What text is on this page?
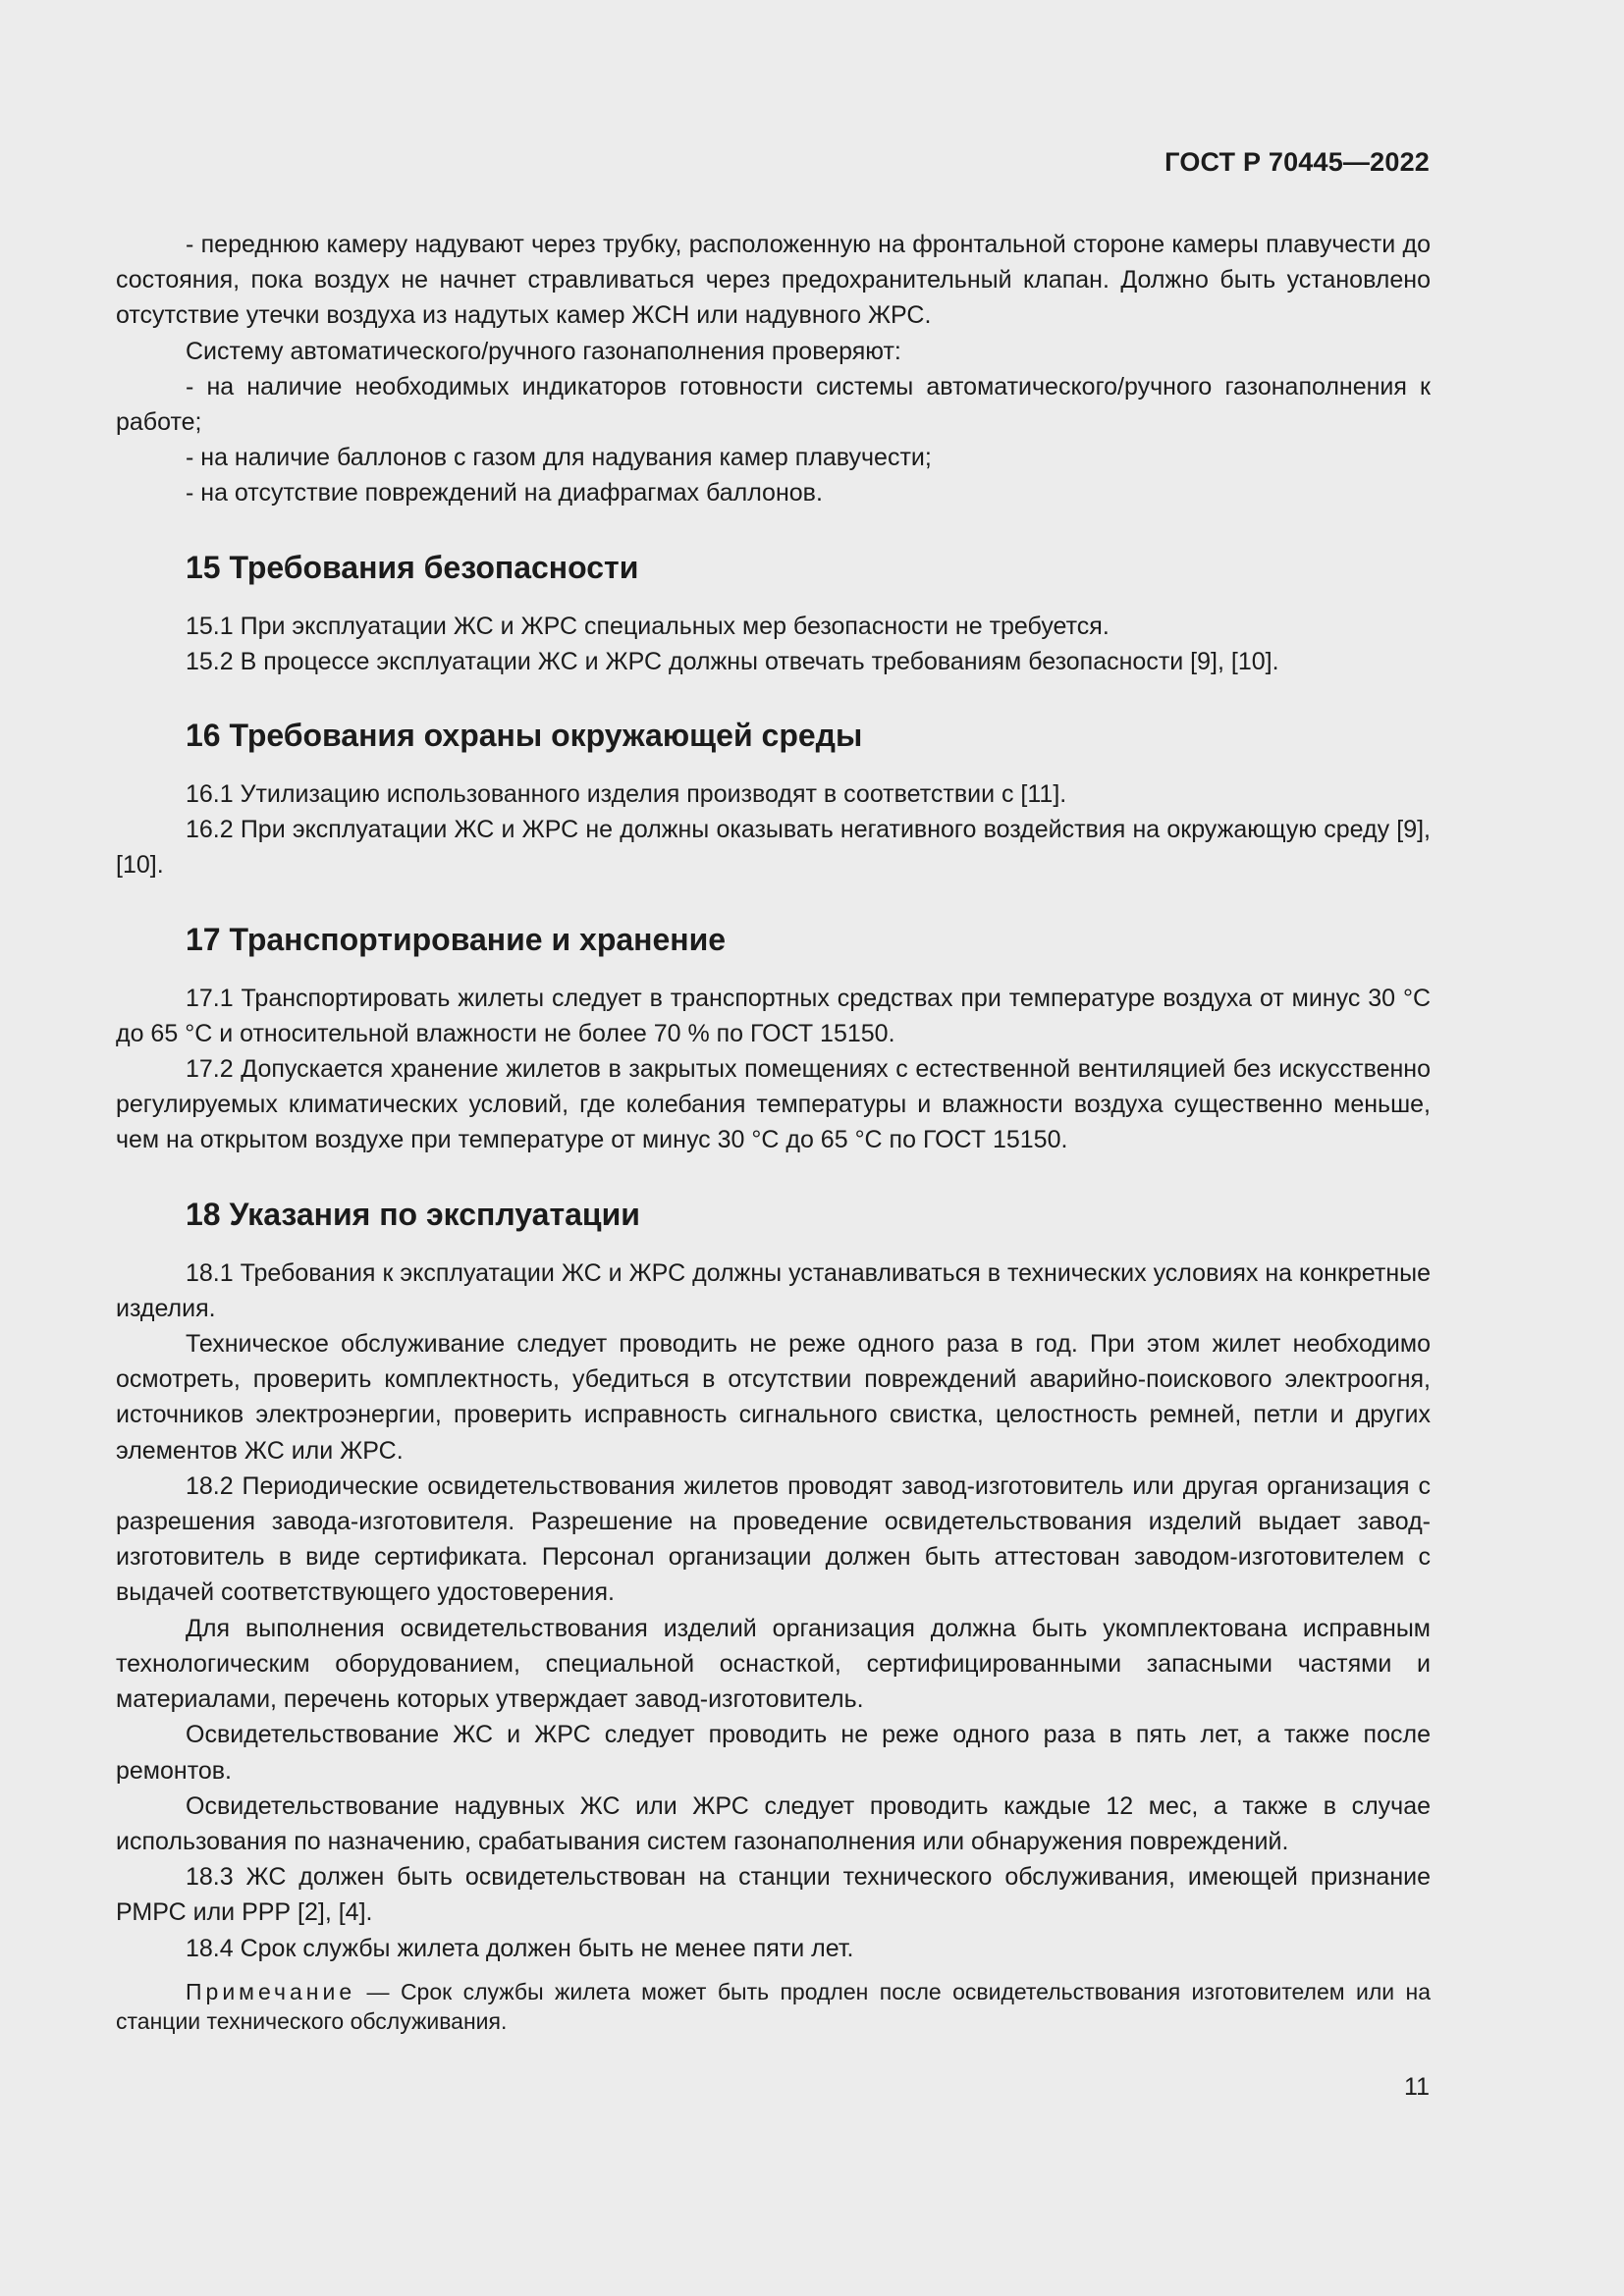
ГОСТ Р 70445—2022

- переднюю камеру надувают через трубку, расположенную на фронтальной стороне камеры плавучести до состояния, пока воздух не начнет стравливаться через предохранительный клапан. Должно быть установлено отсутствие утечки воздуха из надутых камер ЖСН или надувного ЖРС.

Систему автоматического/ручного газонаполнения проверяют:

- на наличие необходимых индикаторов готовности системы автоматического/ручного газонаполнения к работе;

- на наличие баллонов с газом для надувания камер плавучести;

- на отсутствие повреждений на диафрагмах баллонов.

15 Требования безопасности

15.1 При эксплуатации ЖС и ЖРС специальных мер безопасности не требуется.

15.2 В процессе эксплуатации ЖС и ЖРС должны отвечать требованиям безопасности [9], [10].

16 Требования охраны окружающей среды

16.1 Утилизацию использованного изделия производят в соответствии с [11].

16.2 При эксплуатации ЖС и ЖРС не должны оказывать негативного воздействия на окружающую среду [9], [10].

17 Транспортирование и хранение

17.1 Транспортировать жилеты следует в транспортных средствах при температуре воздуха от минус 30 °С до 65 °С и относительной влажности не более 70 % по ГОСТ 15150.

17.2 Допускается хранение жилетов в закрытых помещениях с естественной вентиляцией без искусственно регулируемых климатических условий, где колебания температуры и влажности воздуха существенно меньше, чем на открытом воздухе при температуре от минус 30 °С до 65 °С по ГОСТ 15150.

18 Указания по эксплуатации

18.1 Требования к эксплуатации ЖС и ЖРС должны устанавливаться в технических условиях на конкретные изделия.

Техническое обслуживание следует проводить не реже одного раза в год. При этом жилет необходимо осмотреть, проверить комплектность, убедиться в отсутствии повреждений аварийно-поискового электроогня, источников электроэнергии, проверить исправность сигнального свистка, целостность ремней, петли и других элементов ЖС или ЖРС.

18.2 Периодические освидетельствования жилетов проводят завод-изготовитель или другая организация с разрешения завода-изготовителя. Разрешение на проведение освидетельствования изделий выдает завод-изготовитель в виде сертификата. Персонал организации должен быть аттестован заводом-изготовителем с выдачей соответствующего удостоверения.

Для выполнения освидетельствования изделий организация должна быть укомплектована исправным технологическим оборудованием, специальной оснасткой, сертифицированными запасными частями и материалами, перечень которых утверждает завод-изготовитель.

Освидетельствование ЖС и ЖРС следует проводить не реже одного раза в пять лет, а также после ремонтов.

Освидетельствование надувных ЖС или ЖРС следует проводить каждые 12 мес, а также в случае использования по назначению, срабатывания систем газонаполнения или обнаружения повреждений.

18.3 ЖС должен быть освидетельствован на станции технического обслуживания, имеющей признание РМРС или РРР [2], [4].

18.4 Срок службы жилета должен быть не менее пяти лет.

Примечание — Срок службы жилета может быть продлен после освидетельствования изготовителем или на станции технического обслуживания.

11
